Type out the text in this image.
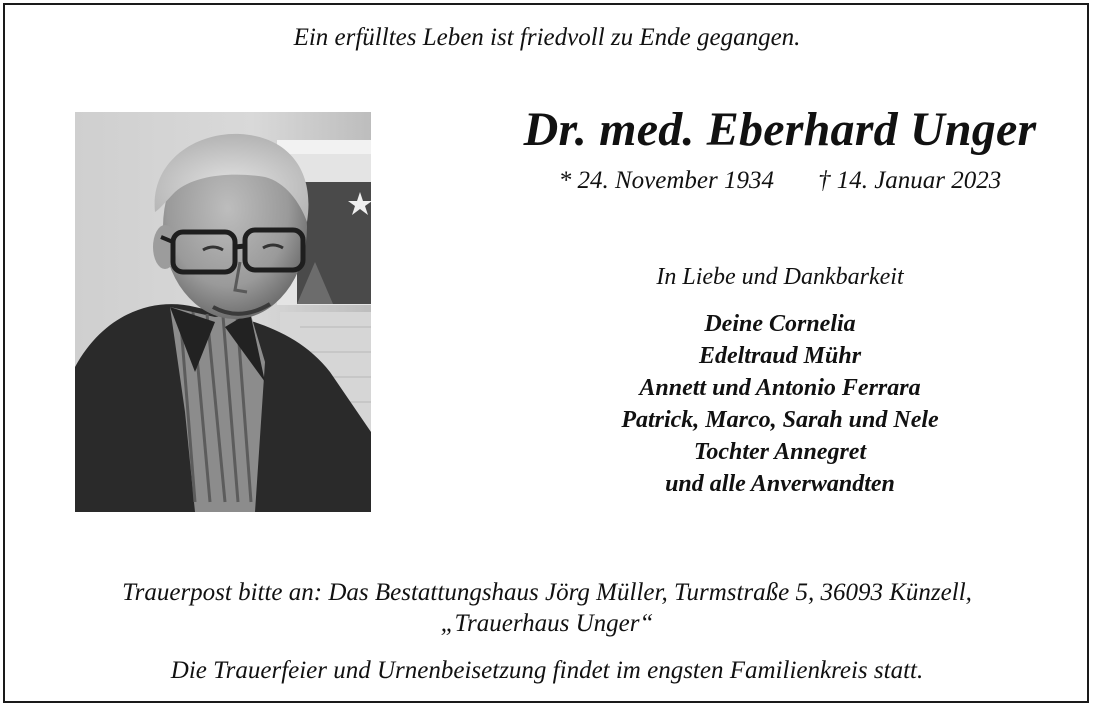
Ein erfülltes Leben ist friedvoll zu Ende gegangen.
Dr. med. Eberhard Unger
* 24. November 1934 † 14. Januar 2023
In Liebe und Dankbarkeit
Deine Cornelia
Edeltraud Mühr
Annett und Antonio Ferrara
Patrick, Marco, Sarah und Nele
Tochter Annegret
und alle Anverwandten
Trauerpost bitte an: Das Bestattungshaus Jörg Müller, Turmstraße 5, 36093 Künzell,
„Trauerhaus Unger“
Die Trauerfeier und Urnenbeisetzung findet im engsten Familienkreis statt.
